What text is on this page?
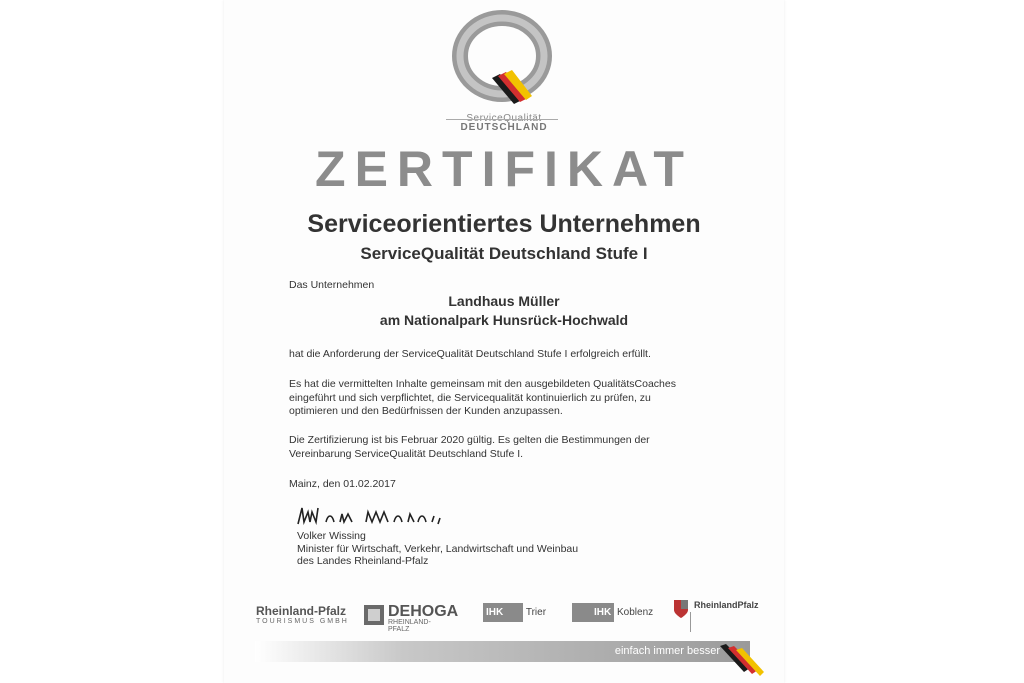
DEUTSCHLAND
ZERTIFIKAT
Serviceorientiertes Unternehmen
ServiceQualität Deutschland Stufe I
Das Unternehmen
Landhaus Müller
am Nationalpark Hunsrück-Hochwald
hat die Anforderung der ServiceQualität Deutschland Stufe I erfolgreich erfüllt.
Es hat die vermittelten Inhalte gemeinsam mit den ausgebildeten QualitätsCoaches
eingeführt und sich verpflichtet, die Servicequalität kontinuierlich zu prüfen, zu
optimieren und den Bedürfnissen der Kunden anzupassen.
Die Zertifizierung ist bis Februar 2020 gültig. Es gelten die Bestimmungen der
Vereinbarung ServiceQualität Deutschland Stufe I.
Mainz, den 01.02.2017
Volker Wissing
Minister für Wirtschaft, Verkehr, Landwirtschaft und Weinbau
des Landes Rheinland-Pfalz
Rheinland-Pfalz
TOURISMUS GMBH
DEHOGA
RHEINLAND-PFALZ
IHK Trier	IHK Koblenz
RheinlandPfalz
einfach immer besser
